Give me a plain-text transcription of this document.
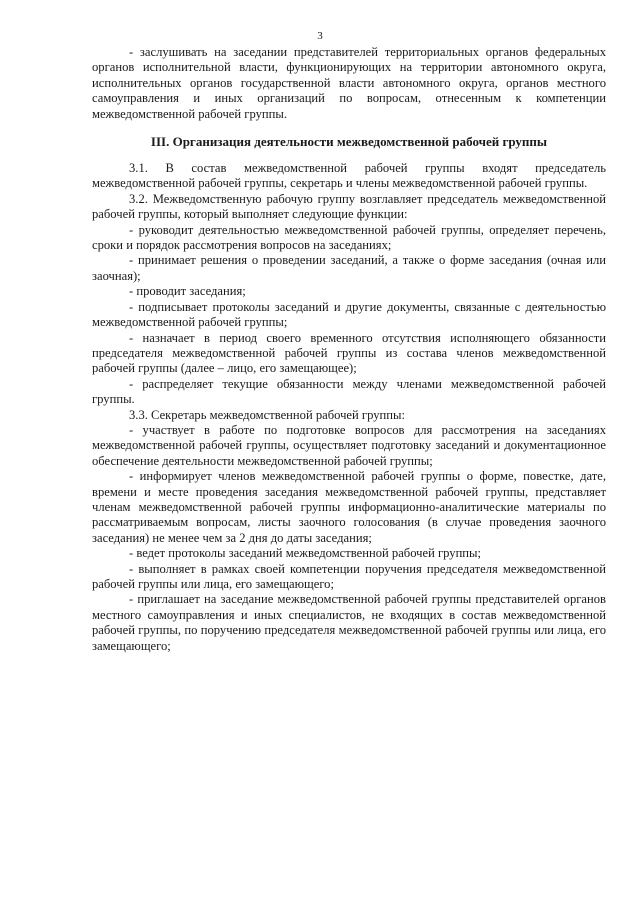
3

- заслушивать на заседании представителей территориальных органов федеральных органов исполнительной власти, функционирующих на территории автономного округа, исполнительных органов государственной власти автономного округа, органов местного самоуправления и иных организаций по вопросам, отнесенным к компетенции межведомственной рабочей группы.

III. Организация деятельности межведомственной рабочей группы

3.1. В состав межведомственной рабочей группы входят председатель межведомственной рабочей группы, секретарь и члены межведомственной рабочей группы.

3.2. Межведомственную рабочую группу возглавляет председатель межведомственной рабочей группы, который выполняет следующие функции:

- руководит деятельностью межведомственной рабочей группы, определяет перечень, сроки и порядок рассмотрения вопросов на заседаниях;

- принимает решения о проведении заседаний, а также о форме заседания (очная или заочная);

- проводит заседания;

- подписывает протоколы заседаний и другие документы, связанные с деятельностью межведомственной рабочей группы;

- назначает в период своего временного отсутствия исполняющего обязанности председателя межведомственной рабочей группы из состава членов межведомственной рабочей группы (далее – лицо, его замещающее);

- распределяет текущие обязанности между членами межведомственной рабочей группы.

3.3. Секретарь межведомственной рабочей группы:

- участвует в работе по подготовке вопросов для рассмотрения на заседаниях межведомственной рабочей группы, осуществляет подготовку заседаний и документационное обеспечение деятельности межведомственной рабочей группы;

- информирует членов межведомственной рабочей группы о форме, повестке, дате, времени и месте проведения заседания межведомственной рабочей группы, представляет членам межведомственной рабочей группы информационно-аналитические материалы по рассматриваемым вопросам, листы заочного голосования (в случае проведения заочного заседания) не менее чем за 2 дня до даты заседания;

- ведет протоколы заседаний межведомственной рабочей группы;

- выполняет в рамках своей компетенции поручения председателя межведомственной рабочей группы или лица, его замещающего;

- приглашает на заседание межведомственной рабочей группы представителей органов местного самоуправления и иных специалистов, не входящих в состав межведомственной рабочей группы, по поручению председателя межведомственной рабочей группы или лица, его замещающего;
